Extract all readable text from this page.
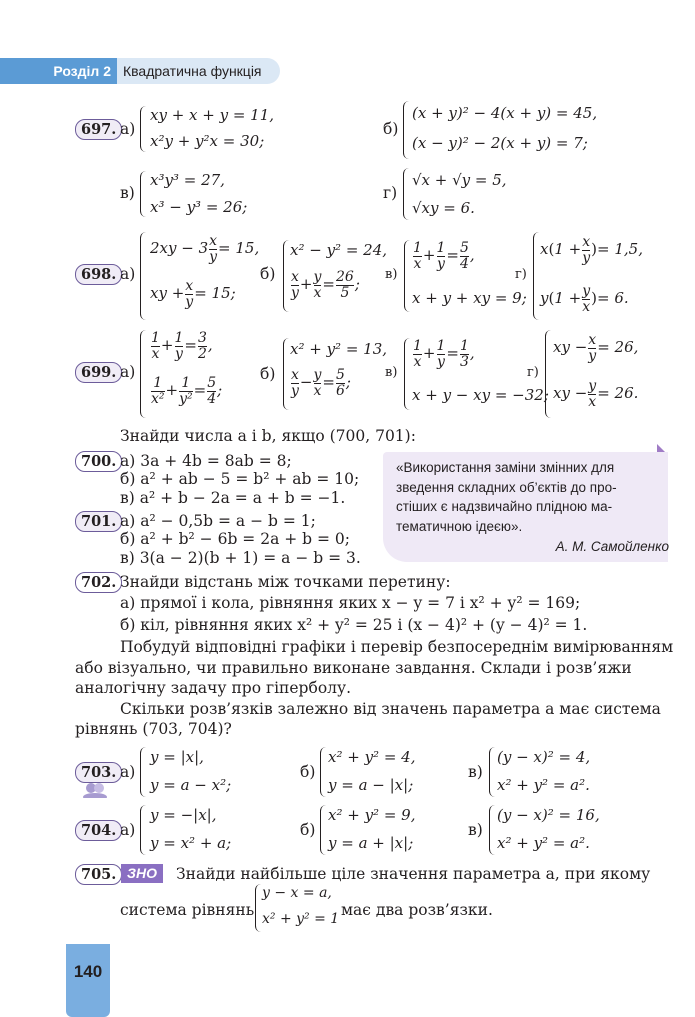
Розділ 2 Квадратична функція
697. а)
xy + x + y = 11,
x²y + y²x = 30;
б)
(x + y)² − 4(x + y) = 45,
(x − y)² − 2(x + y) = 7;
в)
x³y³ = 27,
x³ − y³ = 26;
г)
√x + √y = 5,
√xy = 6.
698. а)
$2xy - 3 \frac{x}{y} = 15$,
xy + $\frac{x}{y} = 15$;
б)
x² − y² = 24,
$\frac{x}{y} + \frac{y}{x} = \frac{26}{5}$ ;
в)
$\frac{1}{x} + \frac{1}{y} = \frac{5}{4}$ ,
x + y + xy = 9;
г)
$x(1 + \frac{x}{y}$ )= 1,5,
$y(1 + \frac{y}{x}$ )= 6.
699. а)
$\frac{1}{x} + \frac{1}{y} = \frac{3}{2}$ ,
$\frac{1}{\text{x²}} + \frac{1}{\text{y²}} = \frac{5}{4}$ ;
б)
x² + y² = 13,
$\frac{x}{y} - \frac{y}{x} = \frac{5}{6}$ ;
в)
$\frac{1}{x} + \frac{1}{y} = \frac{1}{3}$ ,
x + y − xy = −32;
г)
xy − $\frac{x}{y} = 26$,
xy − $\frac{y}{x} = 26$.
Знайди числа a і b, якщо (700, 701):
700. а) 3a + 4b = 8ab = 8;
б) a² + ab − 5 = b² + ab = 10;
в) a² + b − 2a = a + b = −1.
701. а) a² − 0,5b = a − b = 1;
б) a² + b² − 6b = 2a + b = 0;
в) 3(a − 2)(b + 1) = a − b = 3.
«Використання заміни змінних для
зведення складних об’єктів до про-
стіших є надзвичайно плідною ма-
тематичною ідеєю».
А. М. Самойленко
702. Знайди відстань між точками перетину:
а) прямої і кола, рівняння яких x − y = 7 і x² + y² = 169;
б) кіл, рівняння яких x² + y² = 25 і (x − 4)² + (y − 4)² = 1.
Побудуй відповідні графіки і перевір безпосереднім вимірюванням
або візуально, чи правильно виконане завдання. Склади і розв’яжи
аналогічну задачу про гіперболу.
Скільки розв’язків залежно від значень параметра a має система
рівнянь (703, 704)?
703. а)
y = |x|,
y = a − x²;
б)
x² + y² = 4,
y = a − |x|;
в)
(y − x)² = 4,
x² + y² = a².
704. а)
y = −|x|,
y = x² + a;
б)
x² + y² = 9,
y = a + |x|;
в)
(y − x)² = 16,
x² + y² = a².
705. ЗНО	Знайди найбільше ціле значення параметра a, при якому
система рівнянь
y − x = a,
x² + y² = 1 має два розв’язки.
140
